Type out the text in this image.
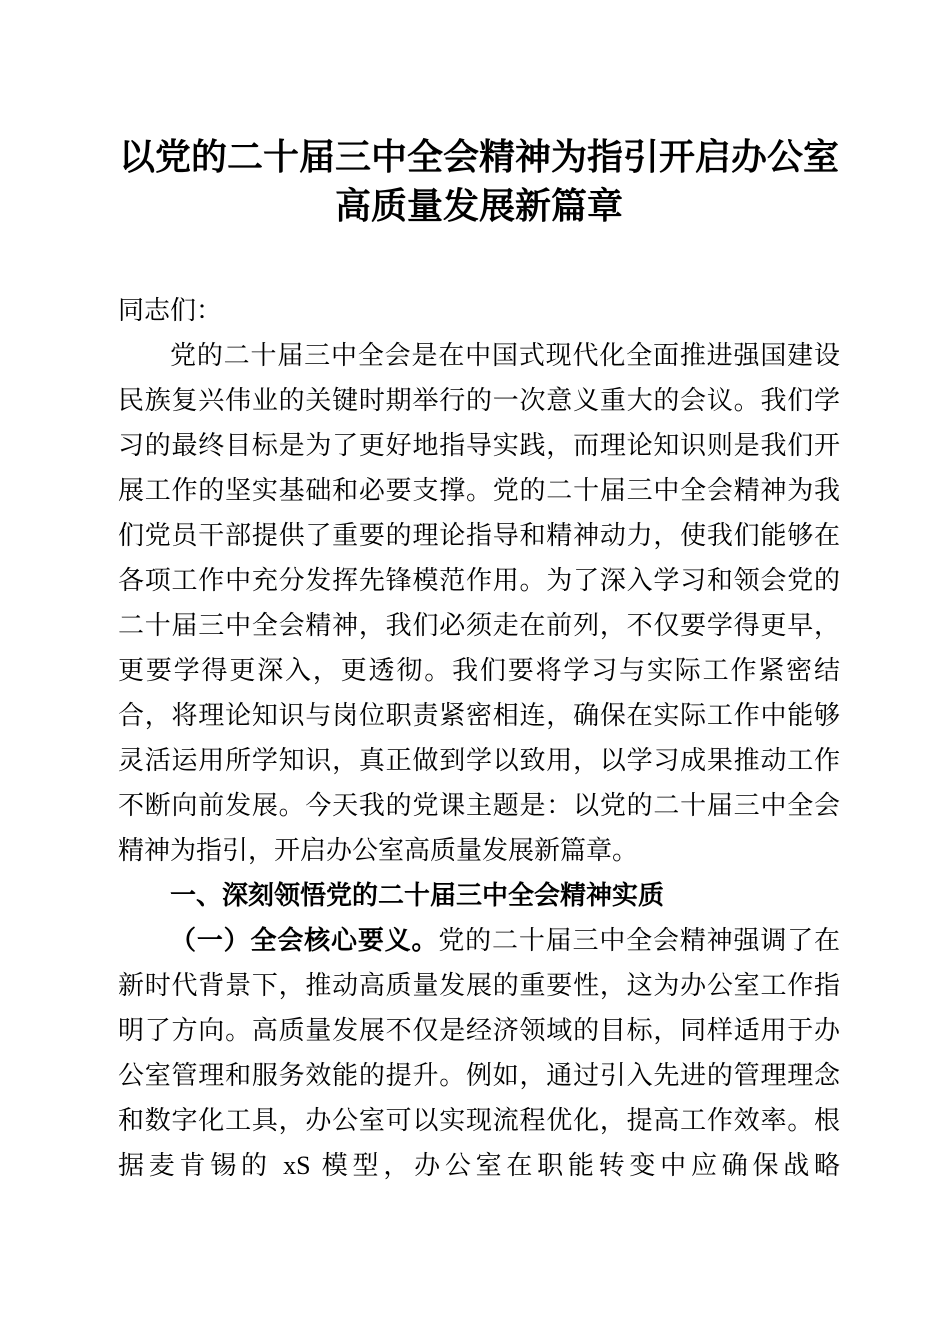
以党的二十届三中全会精神为指引开启办公室
高质量发展新篇章

同志们：

党的二十届三中全会是在中国式现代化全面推进强国建设民族复兴伟业的关键时期举行的一次意义重大的会议。我们学习的最终目标是为了更好地指导实践，而理论知识则是我们开展工作的坚实基础和必要支撑。党的二十届三中全会精神为我们党员干部提供了重要的理论指导和精神动力，使我们能够在各项工作中充分发挥先锋模范作用。为了深入学习和领会党的二十届三中全会精神，我们必须走在前列，不仅要学得更早，更要学得更深入，更透彻。我们要将学习与实际工作紧密结合，将理论知识与岗位职责紧密相连，确保在实际工作中能够灵活运用所学知识，真正做到学以致用，以学习成果推动工作不断向前发展。今天我的党课主题是：以党的二十届三中全会精神为指引，开启办公室高质量发展新篇章。

一、深刻领悟党的二十届三中全会精神实质

（一）全会核心要义。党的二十届三中全会精神强调了在新时代背景下，推动高质量发展的重要性，这为办公室工作指明了方向。高质量发展不仅是经济领域的目标，同样适用于办公室管理和服务效能的提升。例如，通过引入先进的管理理念和数字化工具，办公室可以实现流程优化，提高工作效率。根据麦肯锡的 xS 模型，办公室在职能转变中应确保战略
